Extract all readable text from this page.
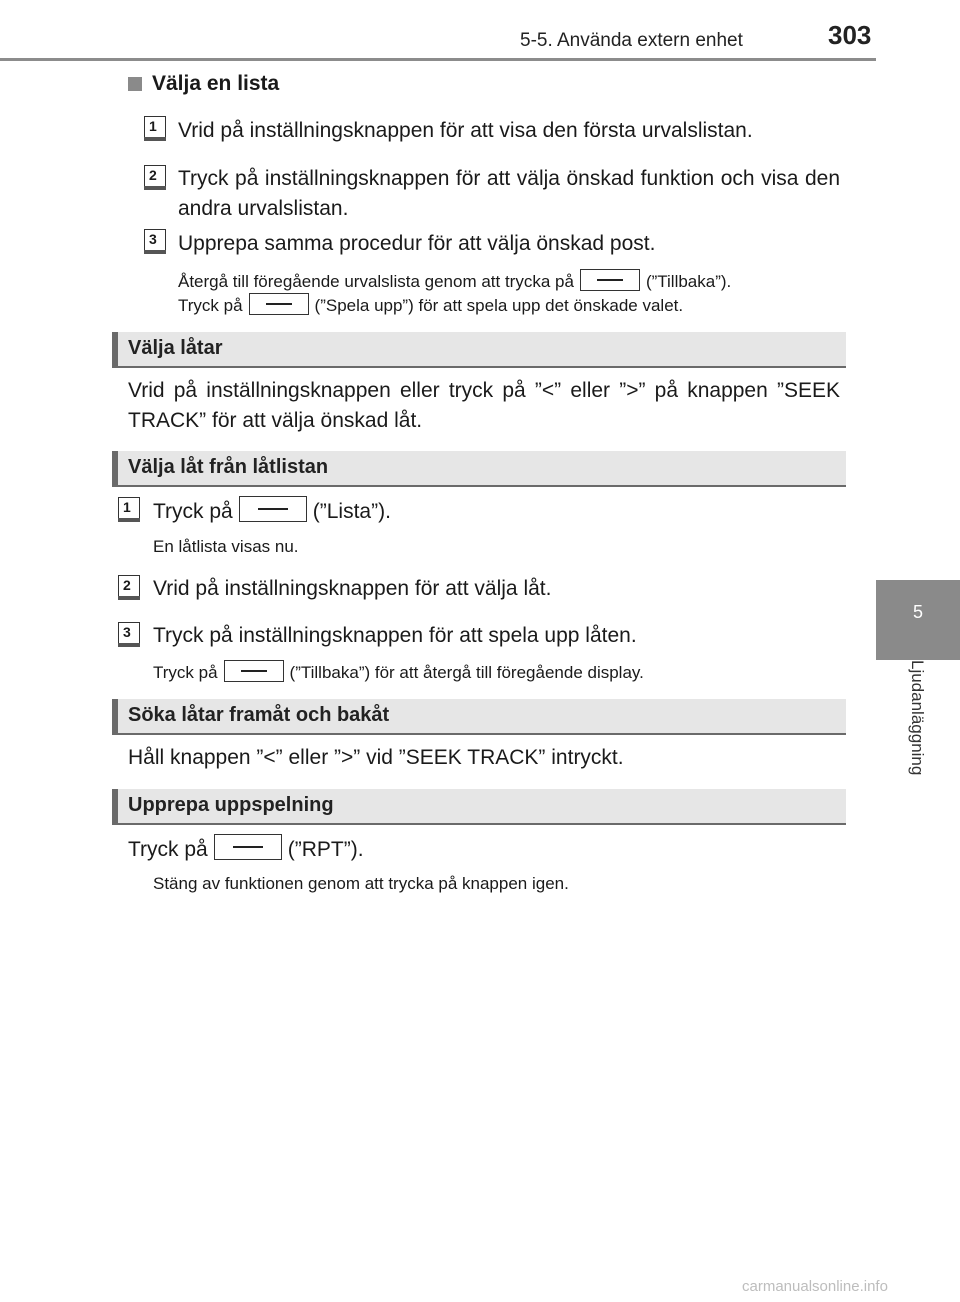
5-5. Använda extern enhet	303
5
Ljudanläggning
Välja en lista
1	Vrid på inställningsknappen för att visa den första urvalslistan.
2	Tryck på inställningsknappen för att välja önskad funktion och visa den andra urvalslistan.
3	Upprepa samma procedur för att välja önskad post.
Återgå till föregående urvalslista genom att trycka på	(”Tillbaka”).
Tryck på	(”Spela upp”) för att spela upp det önskade valet.
Välja låtar
Vrid på inställningsknappen eller tryck på ”<” eller ”>” på knappen ”SEEK TRACK” för att välja önskad låt.
Välja låt från låtlistan
1	Tryck på	(”Lista”).
En låtlista visas nu.
2	Vrid på inställningsknappen för att välja låt.
3	Tryck på inställningsknappen för att spela upp låten.
Tryck på	(”Tillbaka”) för att återgå till föregående display.
Söka låtar framåt och bakåt
Håll knappen ”<” eller ”>” vid ”SEEK TRACK” intryckt.
Upprepa uppspelning
Tryck på	(”RPT”).
Stäng av funktionen genom att trycka på knappen igen.
carmanualsonline.info
